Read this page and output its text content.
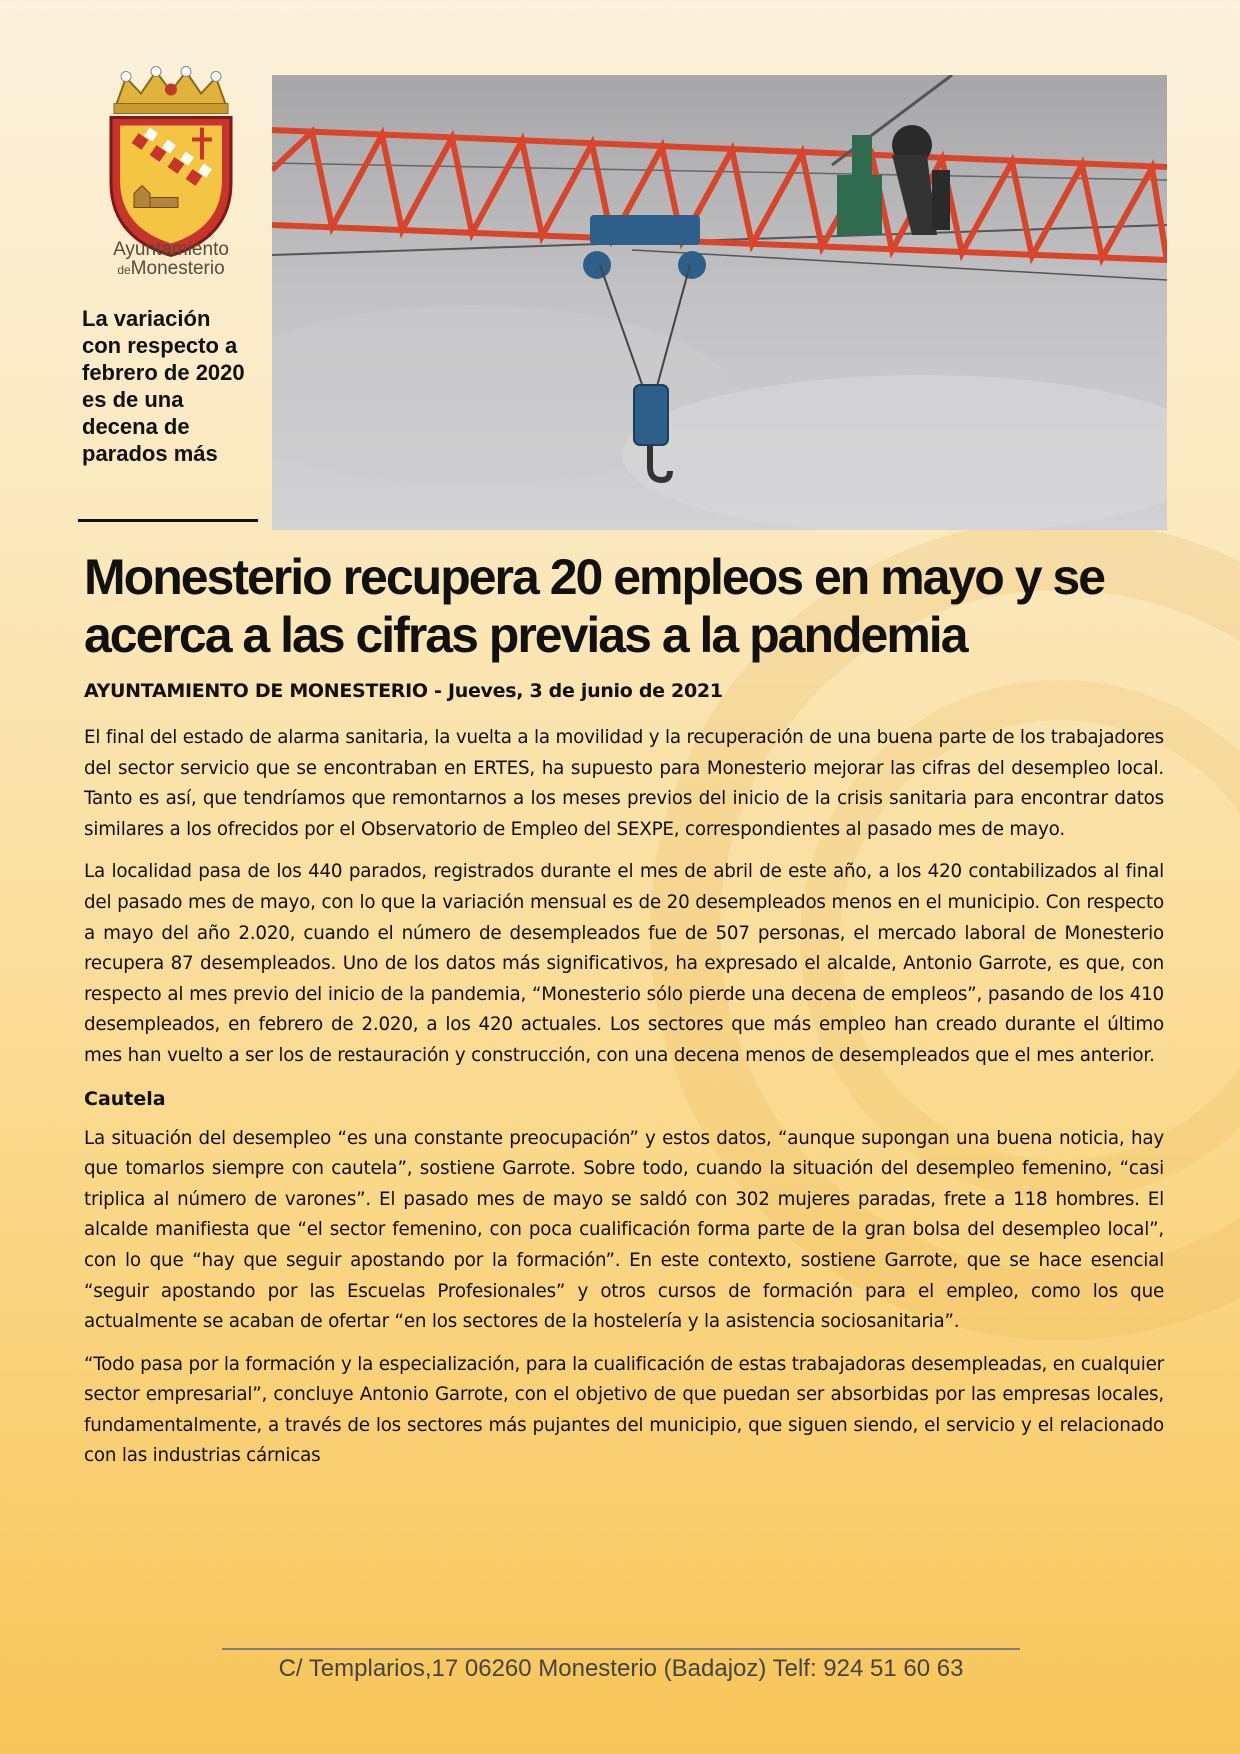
Ayuntamiento
deMonesterio

La variación con respecto a febrero de 2020 es de una decena de parados más

Monesterio recupera 20 empleos en mayo y se acerca a las cifras previas a la pandemia

AYUNTAMIENTO DE MONESTERIO - Jueves, 3 de junio de 2021

El final del estado de alarma sanitaria, la vuelta a la movilidad y la recuperación de una buena parte de los trabajadores del sector servicio que se encontraban en ERTES, ha supuesto para Monesterio mejorar las cifras del desempleo local. Tanto es así, que tendríamos que remontarnos a los meses previos del inicio de la crisis sanitaria para encontrar datos similares a los ofrecidos por el Observatorio de Empleo del SEXPE, correspondientes al pasado mes de mayo.

La localidad pasa de los 440 parados, registrados durante el mes de abril de este año, a los 420 contabilizados al final del pasado mes de mayo, con lo que la variación mensual es de 20 desempleados menos en el municipio. Con respecto a mayo del año 2.020, cuando el número de desempleados fue de 507 personas, el mercado laboral de Monesterio recupera 87 desempleados. Uno de los datos más significativos, ha expresado el alcalde, Antonio Garrote, es que, con respecto al mes previo del inicio de la pandemia, “Monesterio sólo pierde una decena de empleos”, pasando de los 410 desempleados, en febrero de 2.020, a los 420 actuales. Los sectores que más empleo han creado durante el último mes han vuelto a ser los de restauración y construcción, con una decena menos de desempleados que el mes anterior.

Cautela

La situación del desempleo “es una constante preocupación” y estos datos, “aunque supongan una buena noticia, hay que tomarlos siempre con cautela”, sostiene Garrote. Sobre todo, cuando la situación del desempleo femenino, “casi triplica al número de varones”. El pasado mes de mayo se saldó con 302 mujeres paradas, frete a 118 hombres. El alcalde manifiesta que “el sector femenino, con poca cualificación forma parte de la gran bolsa del desempleo local”, con lo que “hay que seguir apostando por la formación”. En este contexto, sostiene Garrote, que se hace esencial “seguir apostando por las Escuelas Profesionales” y otros cursos de formación para el empleo, como los que actualmente se acaban de ofertar “en los sectores de la hostelería y la asistencia sociosanitaria”.

“Todo pasa por la formación y la especialización, para la cualificación de estas trabajadoras desempleadas, en cualquier sector empresarial”, concluye Antonio Garrote, con el objetivo de que puedan ser absorbidas por las empresas locales, fundamentalmente, a través de los sectores más pujantes del municipio, que siguen siendo, el servicio y el relacionado con las industrias cárnicas

C/ Templarios,17 06260 Monesterio (Badajoz) Telf: 924 51 60 63
